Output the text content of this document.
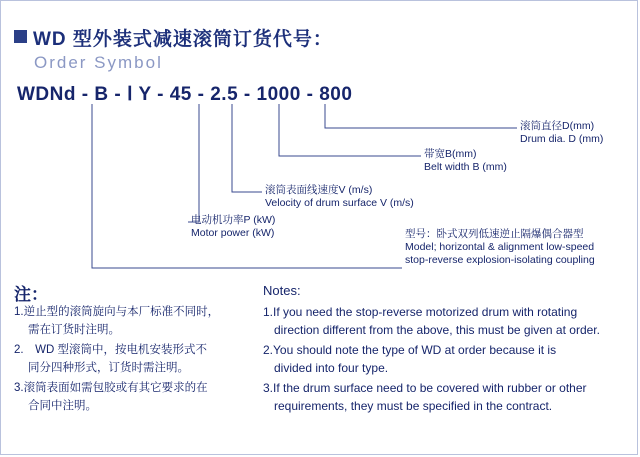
WD 型外装式减速滚筒订货代号：
Order Symbol
WDNd - B - Ⅰ Y - 45 - 2.5 - 1000 - 800
滚筒直径D(mm)
Drum dia. D (mm)
带宽B(mm)
Belt width B (mm)
滚筒表面线速度V (m/s)
Velocity of drum surface V (m/s)
电动机功率P (kW)
Motor power (kW)	型号：卧式双列低速逆止隔爆偶合器型
Model; horizontal & alignment low-speed
stop-reverse explosion-isolating coupling
注：	Notes:
1.逆止型的滚筒旋向与本厂标准不同时，
需在订货时注明。
2.　WD 型滚筒中，按电机安装形式不
同分四种形式，订货时需注明。
3.滚筒表面如需包胶或有其它要求的在
合同中注明。
1.If you need the stop-reverse motorized drum with rotating
direction different from the above, this must be given at order.
2.You should note the type of WD at order because it is
divided into four type.
3.If the drum surface need to be covered with rubber or other
requirements, they must be specified in the contract.
